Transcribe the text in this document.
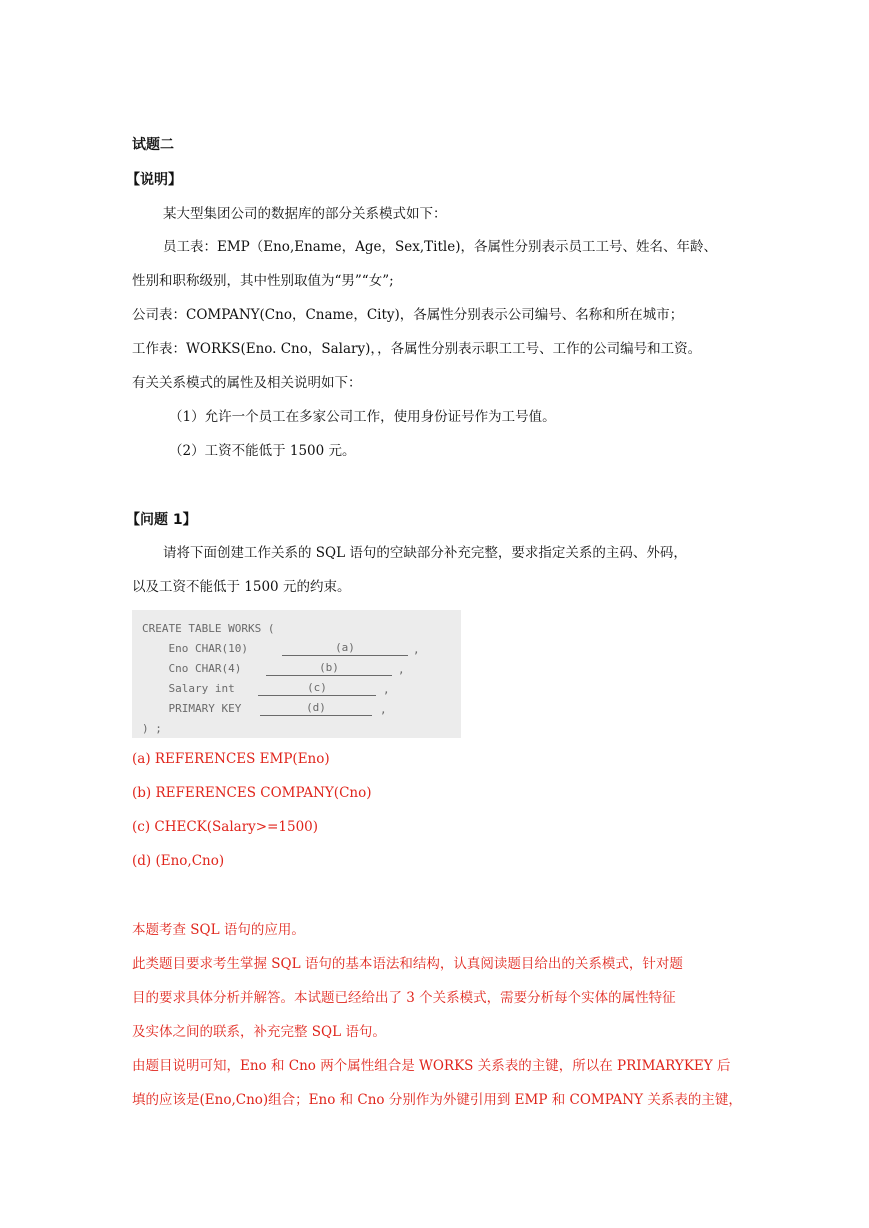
试题二
【说明】
某大型集团公司的数据库的部分关系模式如下：
员工表：EMP（Eno,Ename，Age，Sex,Title)，各属性分别表示员工工号、姓名、年龄、
性别和职称级别，其中性别取值为“男”“女”;
公司表：COMPANY(Cno，Cname，City)，各属性分别表示公司编号、名称和所在城市；
工作表：WORKS(Eno. Cno，Salary)，，各属性分别表示职工工号、工作的公司编号和工资。
有关关系模式的属性及相关说明如下：
（1）允许一个员工在多家公司工作，使用身份证号作为工号值。
（2）工资不能低于 1500 元。
【问题 1】
请将下面创建工作关系的 SQL 语句的空缺部分补充完整，要求指定关系的主码、外码，
以及工资不能低于 1500 元的约束。
CREATE TABLE WORKS (
Eno CHAR(10)	(a)	,
Cno CHAR(4)	(b)	,
Salary int	(c)	,
PRIMARY KEY	(d)	,
) ;
(a) REFERENCES EMP(Eno)
(b) REFERENCES COMPANY(Cno)
(c) CHECK(Salary>=1500)
(d) (Eno,Cno)
本题考查 SQL 语句的应用。
此类题目要求考生掌握 SQL 语句的基本语法和结构，认真阅读题目给出的关系模式，针对题
目的要求具体分析并解答。本试题已经给出了 3 个关系模式，需要分析每个实体的属性特征
及实体之间的联系，补充完整 SQL 语句。
由题目说明可知，Eno 和 Cno 两个属性组合是 WORKS 关系表的主键，所以在 PRIMARYKEY 后
填的应该是(Eno,Cno)组合；Eno 和 Cno 分别作为外键引用到 EMP 和 COMPANY 关系表的主键，
